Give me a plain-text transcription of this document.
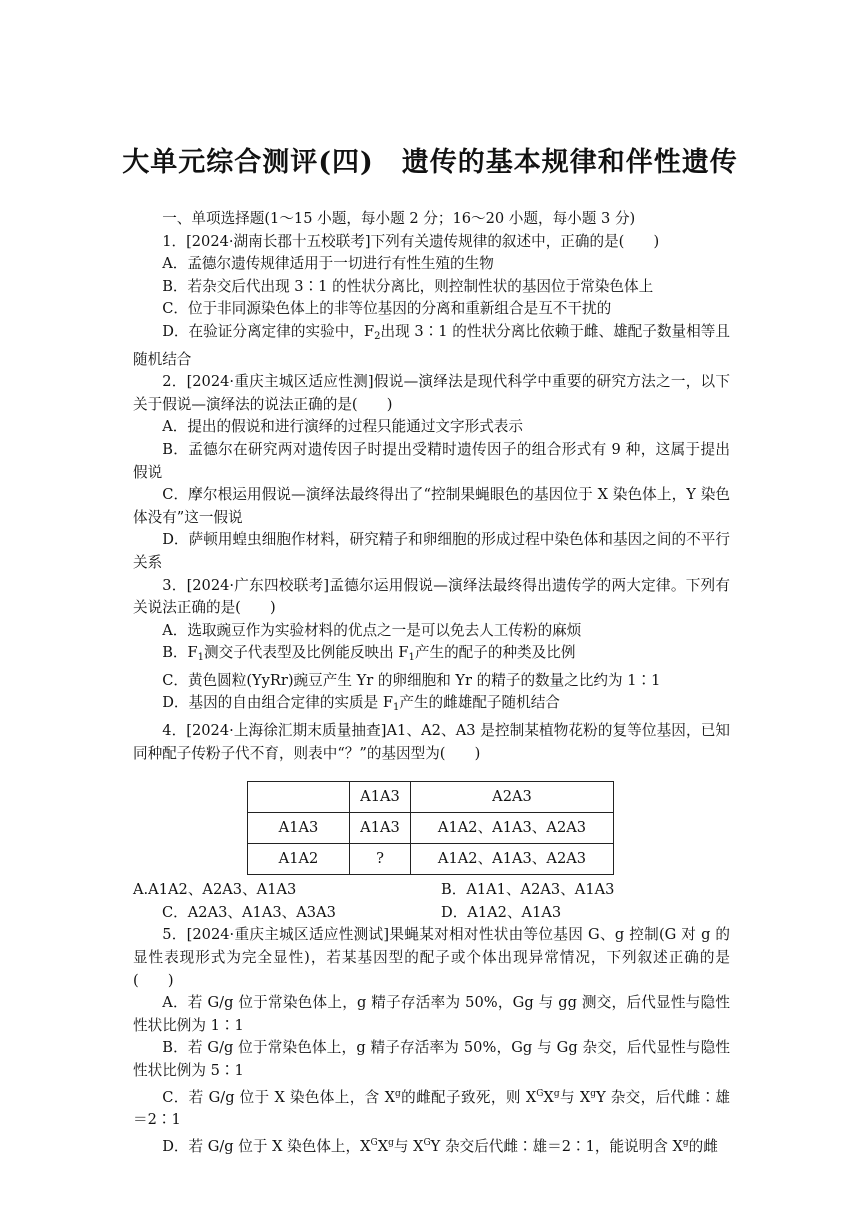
大单元综合测评(四)　遗传的基本规律和伴性遗传

一、单项选择题(1～15 小题，每小题 2 分；16～20 小题，每小题 3 分)

1．[2024·湖南长郡十五校联考]下列有关遗传规律的叙述中，正确的是(　　)

A．孟德尔遗传规律适用于一切进行有性生殖的生物

B．若杂交后代出现 3∶1 的性状分离比，则控制性状的基因位于常染色体上

C．位于非同源染色体上的非等位基因的分离和重新组合是互不干扰的

D．在验证分离定律的实验中，$F_2$出现 3∶1 的性状分离比依赖于雌、雄配子数量相等且随机结合

2．[2024·重庆主城区适应性测]假说—演绎法是现代科学中重要的研究方法之一，以下关于假说—演绎法的说法正确的是(　　)

A．提出的假说和进行演绎的过程只能通过文字形式表示

B．孟德尔在研究两对遗传因子时提出受精时遗传因子的组合形式有 9 种，这属于提出假说

C．摩尔根运用假说—演绎法最终得出了“控制果蝇眼色的基因位于 X 染色体上，Y 染色体没有”这一假说

D．萨顿用蝗虫细胞作材料，研究精子和卵细胞的形成过程中染色体和基因之间的不平行关系

3．[2024·广东四校联考]孟德尔运用假说—演绎法最终得出遗传学的两大定律。下列有关说法正确的是(　　)

A．选取豌豆作为实验材料的优点之一是可以免去人工传粉的麻烦

B．$F_1$测交子代表型及比例能反映出 $F_1$产生的配子的种类及比例

C．黄色圆粒(YyRr)豌豆产生 Yr 的卵细胞和 Yr 的精子的数量之比约为 1∶1

D．基因的自由组合定律的实质是 $F_1$产生的雌雄配子随机结合

4．[2024·上海徐汇期末质量抽查]A1、A2、A3 是控制某植物花粉的复等位基因，已知同种配子传粉子代不育，则表中“？”的基因型为(　　)

	A1A3	A2A3
A1A3	A1A3	A1A2、A1A3、A2A3
A1A2	?	A1A2、A1A3、A2A3
A.A1A2、A2A3、A1A3	B．A1A1、A2A3、A1A3
C．A2A3、A1A3、A3A3	D．A1A2、A1A3

5．[2024·重庆主城区适应性测试]果蝇某对相对性状由等位基因 G、g 控制(G 对 g 的显性表现形式为完全显性)，若某基因型的配子或个体出现异常情况，下列叙述正确的是(　　)

A．若 G/g 位于常染色体上，g 精子存活率为 50%，Gg 与 gg 测交，后代显性与隐性性状比例为 1∶1

B．若 G/g 位于常染色体上，g 精子存活率为 50%，Gg 与 Gg 杂交，后代显性与隐性性状比例为 5∶1

C．若 G/g 位于 X 染色体上，含 $X^g$的雌配子致死，则 $X^GX^g$与 $X^gY$ 杂交，后代雌∶雄＝2∶1

D．若 G/g 位于 X 染色体上，$X^GX^g$与 $X^GY$ 杂交后代雌∶雄＝2∶1，能说明含 $X^g$的雌
